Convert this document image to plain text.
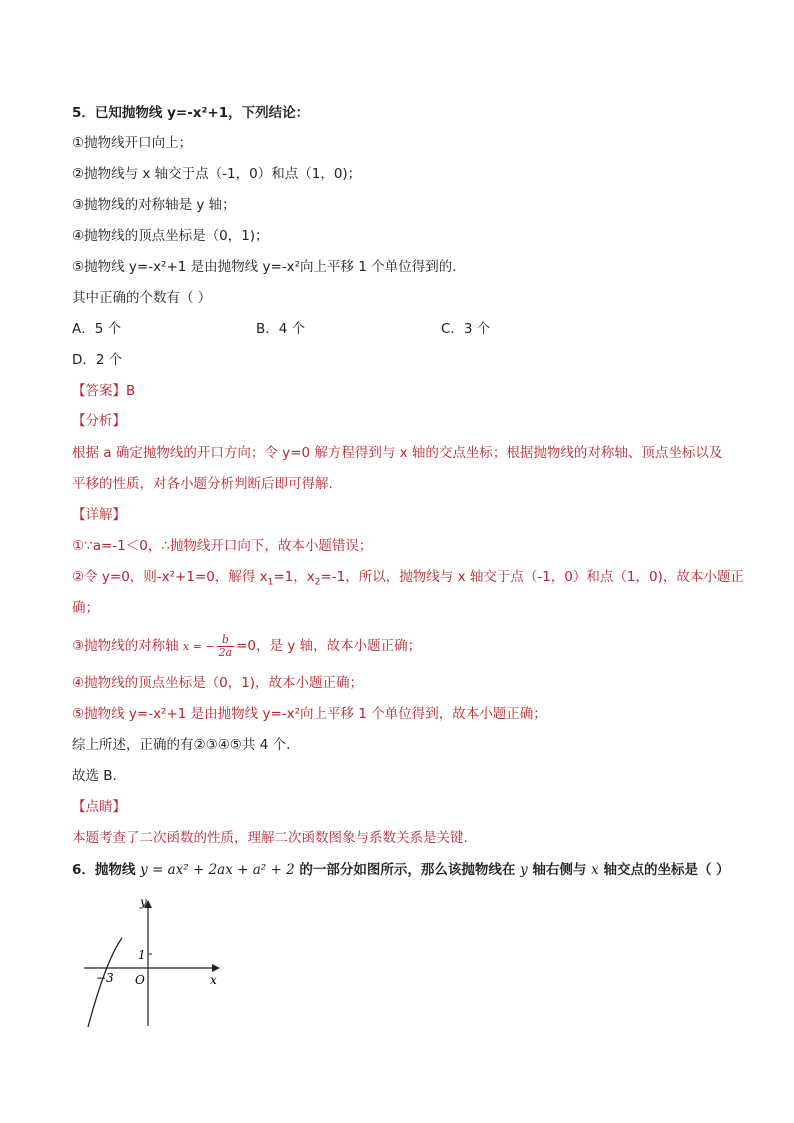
5．已知抛物线 y=-x²+1，下列结论：
①抛物线开口向上；
②抛物线与 x 轴交于点（-1，0）和点（1，0)；
③抛物线的对称轴是 y 轴；
④抛物线的顶点坐标是（0，1)；
⑤抛物线 y=-x²+1 是由抛物线 y=-x²向上平移 1 个单位得到的.
其中正确的个数有（ ）
A．5 个	B．4 个	C．3 个
D．2 个
【答案】B
【分析】
根据 a 确定抛物线的开口方向；令 y=0 解方程得到与 x 轴的交点坐标；根据抛物线的对称轴、顶点坐标以及
平移的性质，对各小题分析判断后即可得解.
【详解】
①∵a=-1＜0，∴抛物线开口向下，故本小题错误；
②令 y=0，则-x²+1=0，解得 $x_1=1$，$x_2=-1$，所以，抛物线与 x 轴交于点（-1，0）和点（1，0)，故本小题正
确；
③抛物线的对称轴 x = − $\frac{b}{2a} =0$，是 y 轴，故本小题正确；
④抛物线的顶点坐标是（0，1)，故本小题正确；
⑤抛物线 y=-x²+1 是由抛物线 y=-x²向上平移 1 个单位得到，故本小题正确；
综上所述，正确的有②③④⑤共 4 个.
故选 B.
【点睛】
本题考查了二次函数的性质，理解二次函数图象与系数关系是关键.
6．抛物线 y = ax² + 2ax + a² + 2 的一部分如图所示，那么该抛物线在 y 轴右侧与 x 轴交点的坐标是（ ）
y
x
O
1
−3
